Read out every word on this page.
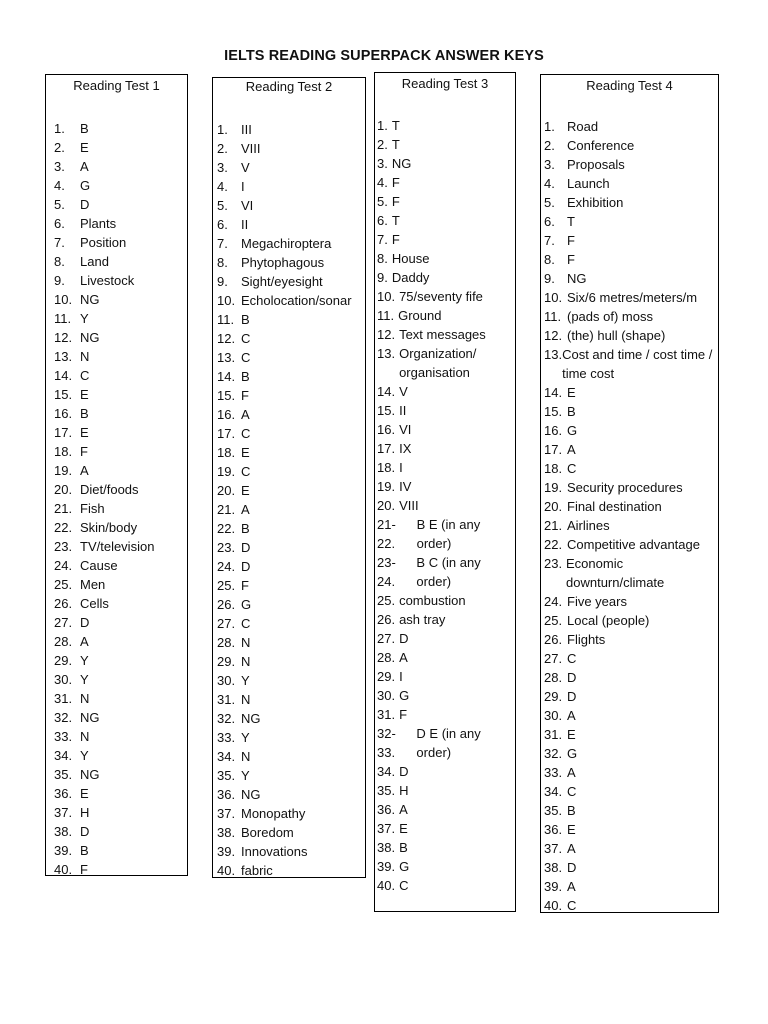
IELTS READING SUPERPACK ANSWER KEYS
Reading Test 1
1.	B
2.	E
3.	A
4.	G
5.	D
6.	Plants
7.	Position
8.	Land
9.	Livestock
10. NG
11. Y
12. NG
13. N
14. C
15. E
16. B
17. E
18. F
19. A
20. Diet/foods
21. Fish
22. Skin/body
23. TV/television
24. Cause
25. Men
26. Cells
27. D
28. A
29. Y
30. Y
31. N
32. NG
33. N
34. Y
35. NG
36. E
37. H
38. D
39. B
40. F
Reading Test 2
1.	III
2.	VIII
3.	V
4.	I
5.	VI
6.	II
7.	Megachiroptera
8.	Phytophagous
9.	Sight/eyesight
10. Echolocation/sonar
11. B
12. C
13. C
14. B
15. F
16. A
17. C
18. E
19. C
20. E
21. A
22. B
23. D
24. D
25. F
26. G
27. C
28. N
29. N
30. Y
31. N
32. NG
33. Y
34. N
35. Y
36. NG
37. Monopathy
38. Boredom
39. Innovations
40. fabric
Reading Test 3
1. T
2. T
3. NG
4. F
5. F
6. T
7. F
8. House
9. Daddy
10. 75/seventy fife
11. Ground
12. Text messages
13. Organization/ organisation
14. V
15. II
16. VI
17. IX
18. I
19. IV
20. VIII
21-22.
B E (in any order)
23-24.
B C (in any order)
25. combustion
26. ash tray
27. D
28. A
29. I
30. G
31. F
32-33.
D E (in any order)
34. D
35. H
36. A
37. E
38. B
39. G
40. C
Reading Test 4
1. Road
2. Conference
3. Proposals
4. Launch
5. Exhibition
6. T
7. F
8. F
9. NG
10. Six/6 metres/meters/m
11. (pads of) moss
12. (the) hull (shape)
13. Cost and time / cost time / time cost
14. E
15. B
16. G
17. A
18. C
19. Security procedures
20. Final destination
21. Airlines
22. Competitive advantage
23. Economic downturn/climate
24. Five years
25. Local (people)
26. Flights
27. C
28. D
29. D
30. A
31. E
32. G
33. A
34. C
35. B
36. E
37. A
38. D
39. A
40. C
